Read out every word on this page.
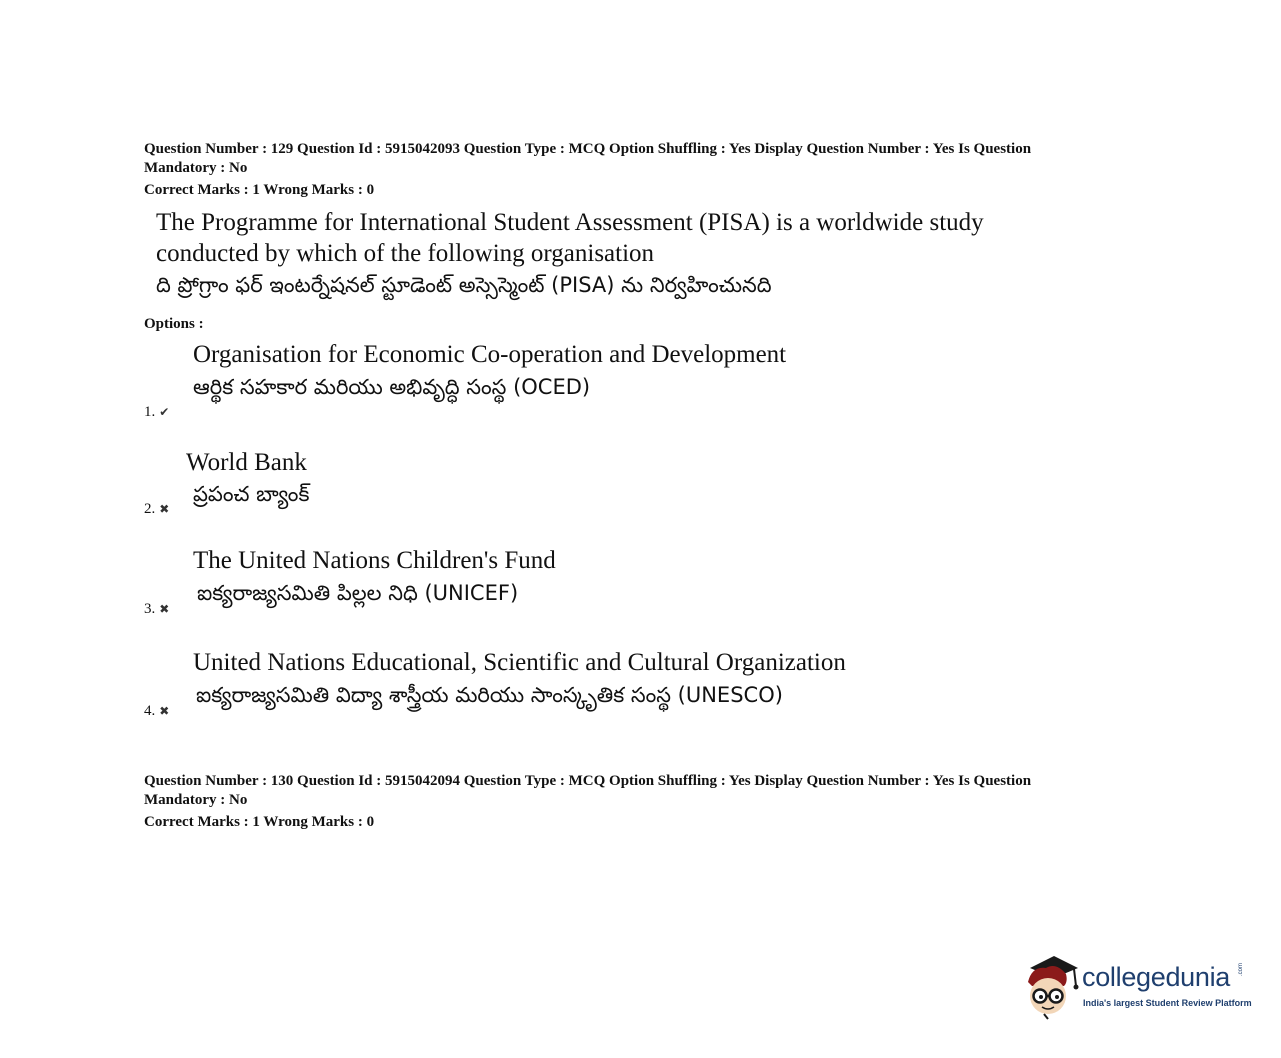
Question Number : 129 Question Id : 5915042093 Question Type : MCQ Option Shuffling : Yes Display Question Number : Yes Is Question
Mandatory : No
Correct Marks : 1 Wrong Marks : 0
The Programme for International Student Assessment (PISA) is a worldwide study
conducted by which of the following organisation
ది ప్రోగ్రాం ఫర్ ఇంటర్నేషనల్ స్టూడెంట్ అస్సెస్మెంట్ (PISA) ను నిర్వహించునది
Options :
Organisation for Economic Co-operation and Development
ఆర్థిక సహకార మరియు అభివృద్ధి సంస్థ (OCED)
1. ✔
World Bank
ప్రపంచ బ్యాంక్
2. ✖
The United Nations Children's Fund
ఐక్యరాజ్యసమితి పిల్లల నిధి (UNICEF)
3. ✖
United Nations Educational, Scientific and Cultural Organization
ఐక్యరాజ్యసమితి విద్యా శాస్త్రీయ మరియు సాంస్కృతిక సంస్థ (UNESCO)
4. ✖
Question Number : 130 Question Id : 5915042094 Question Type : MCQ Option Shuffling : Yes Display Question Number : Yes Is Question
Mandatory : No
Correct Marks : 1 Wrong Marks : 0
collegedunia .com
India's largest Student Review Platform
